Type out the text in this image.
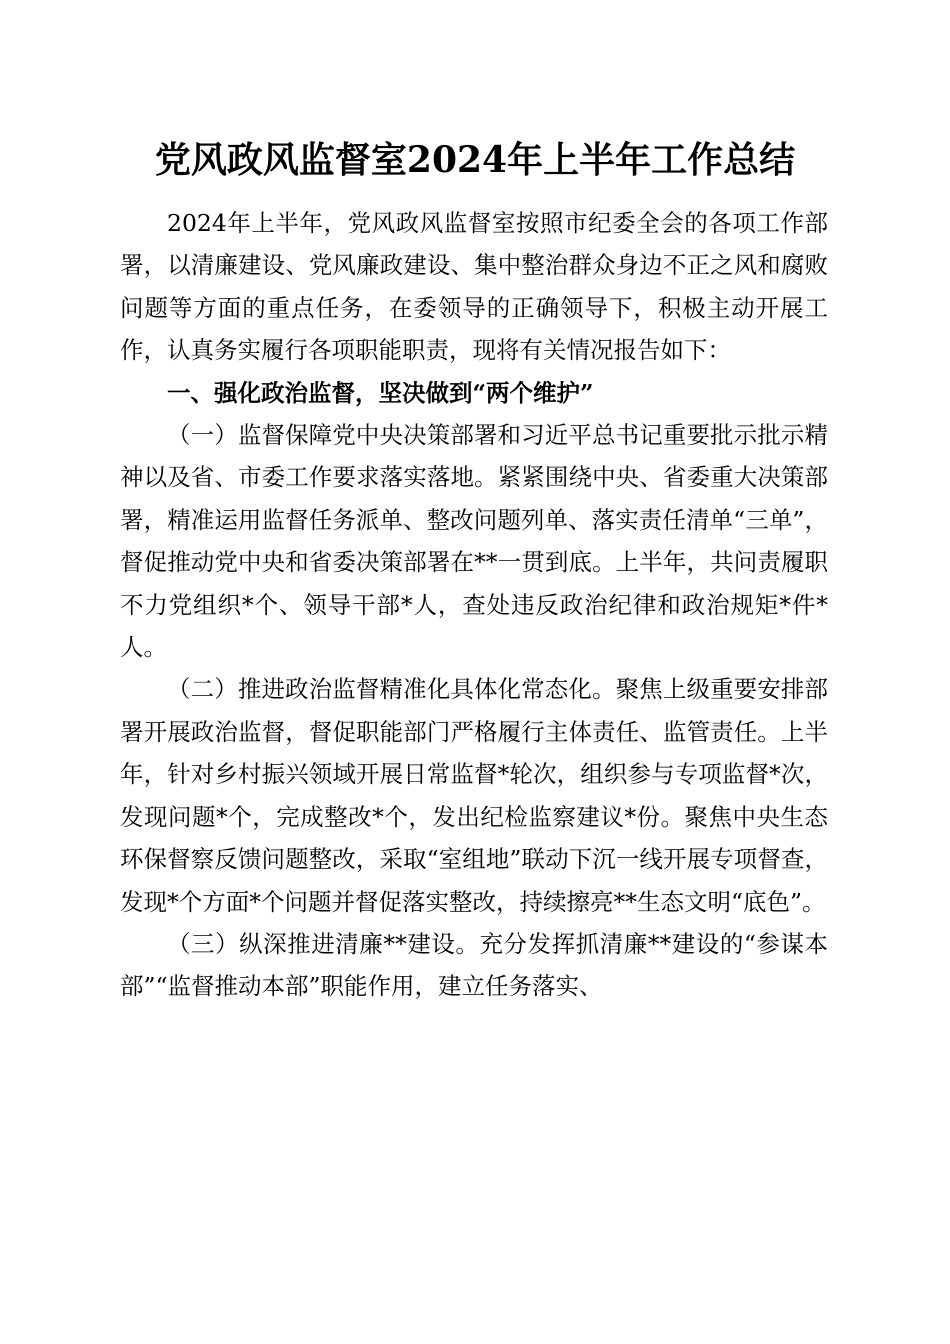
党风政风监督室2024年上半年工作总结

2024年上半年，党风政风监督室按照市纪委全会的各项工作部署，以清廉建设、党风廉政建设、集中整治群众身边不正之风和腐败问题等方面的重点任务，在委领导的正确领导下，积极主动开展工作，认真务实履行各项职能职责，现将有关情况报告如下：

一、强化政治监督，坚决做到“两个维护”

（一）监督保障党中央决策部署和习近平总书记重要批示批示精神以及省、市委工作要求落实落地。紧紧围绕中央、省委重大决策部署，精准运用监督任务派单、整改问题列单、落实责任清单“三单”，督促推动党中央和省委决策部署在**一贯到底。上半年，共问责履职不力党组织*个、领导干部*人，查处违反政治纪律和政治规矩*件*人。

（二）推进政治监督精准化具体化常态化。聚焦上级重要安排部署开展政治监督，督促职能部门严格履行主体责任、监管责任。上半年，针对乡村振兴领域开展日常监督*轮次，组织参与专项监督*次，发现问题*个，完成整改*个，发出纪检监察建议*份。聚焦中央生态环保督察反馈问题整改，采取“室组地”联动下沉一线开展专项督查，发现*个方面*个问题并督促落实整改，持续擦亮**生态文明“底色”。

（三）纵深推进清廉**建设。充分发挥抓清廉**建设的“参谋本部”“监督推动本部”职能作用，建立任务落实、
